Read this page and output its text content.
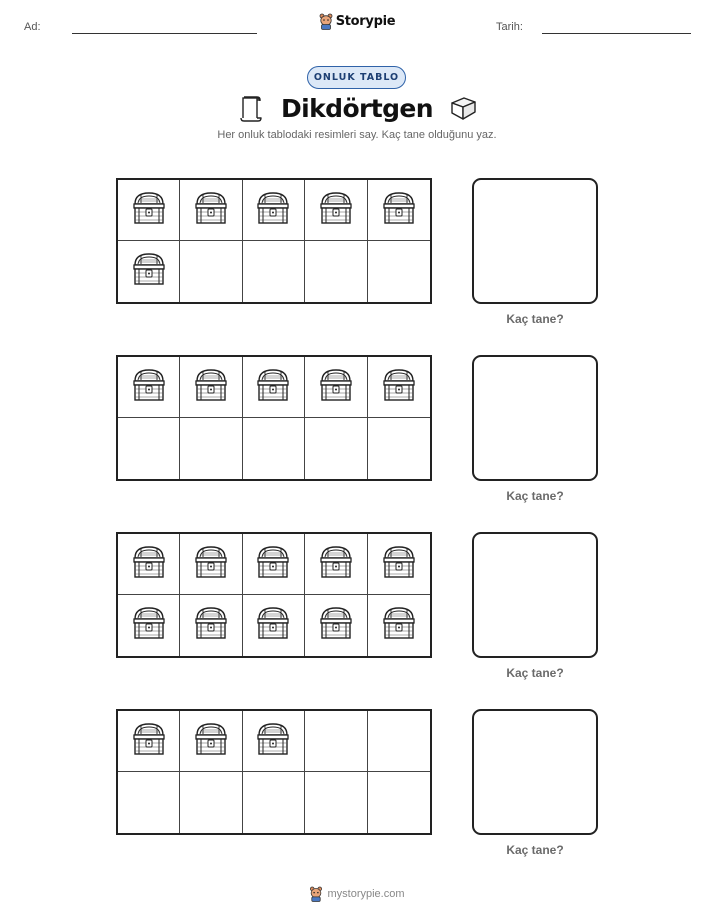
Ad:	Storypie	Tarih:
ONLUK TABLO
Dikdörtgen

Her onluk tablodaki resimleri say. Kaç tane olduğunu yaz.

Kaç tane?
Kaç tane?
Kaç tane?
Kaç tane?
mystorypie.com
